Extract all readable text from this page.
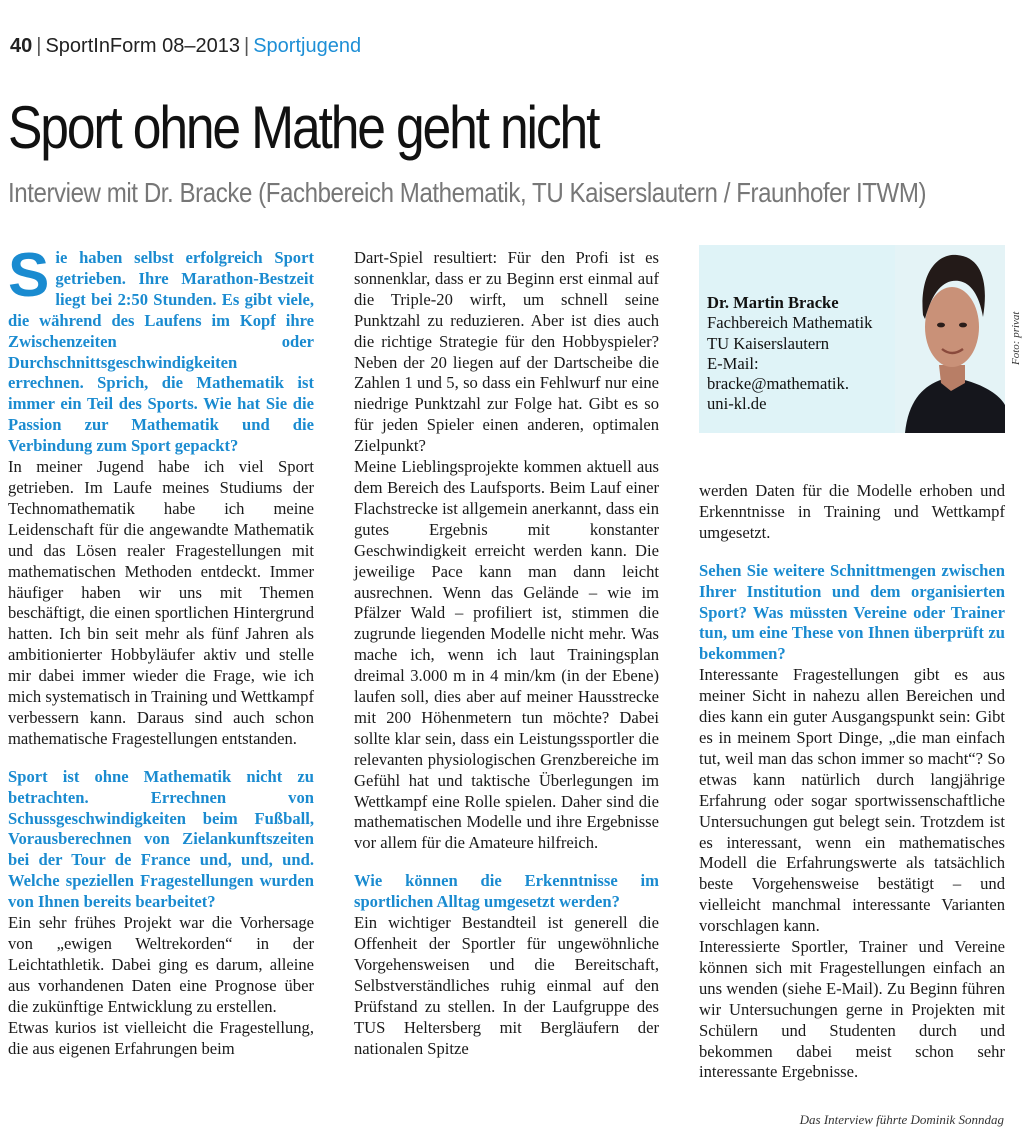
40 | SportInForm 08–2013 | Sportjugend
Sport ohne Mathe geht nicht
Interview mit Dr. Bracke (Fachbereich Mathematik, TU Kaiserslautern / Fraunhofer ITWM)

Sie haben selbst erfolgreich Sport getrieben. Ihre Marathon-Bestzeit liegt bei 2:50 Stunden. Es gibt viele, die während des Laufens im Kopf ihre Zwischenzeiten oder Durchschnittsgeschwindigkeiten errechnen. Sprich, die Mathematik ist immer ein Teil des Sports. Wie hat Sie die Passion zur Mathematik und die Verbindung zum Sport gepackt?

In meiner Jugend habe ich viel Sport getrieben. Im Laufe meines Studiums der Technomathematik habe ich meine Leidenschaft für die angewandte Mathematik und das Lösen realer Fragestellungen mit mathematischen Methoden entdeckt. Immer häufiger haben wir uns mit Themen beschäftigt, die einen sportlichen Hintergrund hatten. Ich bin seit mehr als fünf Jahren als ambitionierter Hobbyläufer aktiv und stelle mir dabei immer wieder die Frage, wie ich mich systematisch in Training und Wettkampf verbessern kann. Daraus sind auch schon mathematische Fragestellungen entstanden.

Sport ist ohne Mathematik nicht zu betrachten. Errechnen von Schussgeschwindigkeiten beim Fußball, Vorausberechnen von Zielankunftszeiten bei der Tour de France und, und, und. Welche speziellen Fragestellungen wurden von Ihnen bereits bearbeitet?

Ein sehr frühes Projekt war die Vorhersage von „ewigen Weltrekorden“ in der Leichtathletik. Dabei ging es darum, alleine aus vorhandenen Daten eine Prognose über die zukünftige Entwicklung zu erstellen.

Etwas kurios ist vielleicht die Fragestellung, die aus eigenen Erfahrungen beim

Dart-Spiel resultiert: Für den Profi ist es sonnenklar, dass er zu Beginn erst einmal auf die Triple-20 wirft, um schnell seine Punktzahl zu reduzieren. Aber ist dies auch die richtige Strategie für den Hobbyspieler? Neben der 20 liegen auf der Dartscheibe die Zahlen 1 und 5, so dass ein Fehlwurf nur eine niedrige Punktzahl zur Folge hat. Gibt es so für jeden Spieler einen anderen, optimalen Zielpunkt?

Meine Lieblingsprojekte kommen aktuell aus dem Bereich des Laufsports. Beim Lauf einer Flachstrecke ist allgemein anerkannt, dass ein gutes Ergebnis mit konstanter Geschwindigkeit erreicht werden kann. Die jeweilige Pace kann man dann leicht ausrechnen. Wenn das Gelände – wie im Pfälzer Wald – profiliert ist, stimmen die zugrunde liegenden Modelle nicht mehr. Was mache ich, wenn ich laut Trainingsplan dreimal 3.000 m in 4 min/km (in der Ebene) laufen soll, dies aber auf meiner Hausstrecke mit 200 Höhenmetern tun möchte? Dabei sollte klar sein, dass ein Leistungssportler die relevanten physiologischen Grenzbereiche im Gefühl hat und taktische Überlegungen im Wettkampf eine Rolle spielen. Daher sind die mathematischen Modelle und ihre Ergebnisse vor allem für die Amateure hilfreich.

Wie können die Erkenntnisse im sportlichen Alltag umgesetzt werden?

Ein wichtiger Bestandteil ist generell die Offenheit der Sportler für ungewöhnliche Vorgehensweisen und die Bereitschaft, Selbstverständliches ruhig einmal auf den Prüfstand zu stellen. In der Laufgruppe des TUS Heltersberg mit Bergläufern der nationalen Spitze

Dr. Martin Bracke
Fachbereich Mathematik
TU Kaiserslautern
E-Mail:
bracke@mathematik.
uni-kl.de
Foto: privat

werden Daten für die Modelle erhoben und Erkenntnisse in Training und Wettkampf umgesetzt.

Sehen Sie weitere Schnittmengen zwischen Ihrer Institution und dem organisierten Sport? Was müssten Vereine oder Trainer tun, um eine These von Ihnen überprüft zu bekommen?

Interessante Fragestellungen gibt es aus meiner Sicht in nahezu allen Bereichen und dies kann ein guter Ausgangspunkt sein: Gibt es in meinem Sport Dinge, „die man einfach tut, weil man das schon immer so macht“? So etwas kann natürlich durch langjährige Erfahrung oder sogar sportwissenschaftliche Untersuchungen gut belegt sein. Trotzdem ist es interessant, wenn ein mathematisches Modell die Erfahrungswerte als tatsächlich beste Vorgehensweise bestätigt – und vielleicht manchmal interessante Varianten vorschlagen kann.

Interessierte Sportler, Trainer und Vereine können sich mit Fragestellungen einfach an uns wenden (siehe E-Mail). Zu Beginn führen wir Untersuchungen gerne in Projekten mit Schülern und Studenten durch und bekommen dabei meist schon sehr interessante Ergebnisse.

Das Interview führte Dominik Sonndag
